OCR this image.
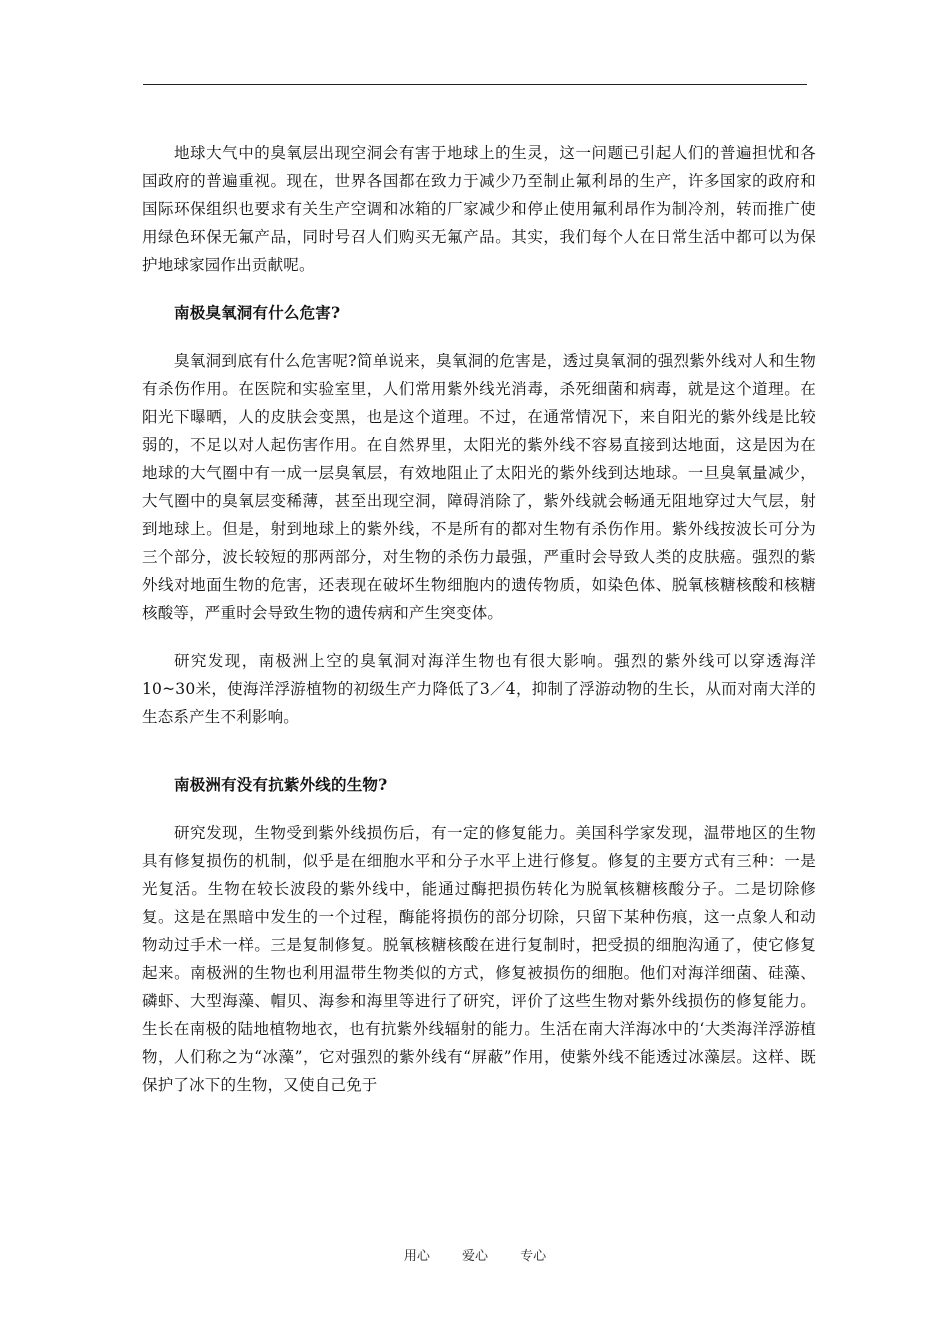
地球大气中的臭氧层出现空洞会有害于地球上的生灵，这一问题已引起人们的普遍担忧和各国政府的普遍重视。现在，世界各国都在致力于减少乃至制止氟利昂的生产，许多国家的政府和国际环保组织也要求有关生产空调和冰箱的厂家减少和停止使用氟利昂作为制冷剂，转而推广使用绿色环保无氟产品，同时号召人们购买无氟产品。其实，我们每个人在日常生活中都可以为保护地球家园作出贡献呢。

南极臭氧洞有什么危害?

臭氧洞到底有什么危害呢?简单说来，臭氧洞的危害是，透过臭氧洞的强烈紫外线对人和生物有杀伤作用。在医院和实验室里，人们常用紫外线光消毒，杀死细菌和病毒，就是这个道理。在阳光下曝晒，人的皮肤会变黑，也是这个道理。不过，在通常情况下，来自阳光的紫外线是比较弱的，不足以对人起伤害作用。在自然界里，太阳光的紫外线不容易直接到达地面，这是因为在地球的大气圈中有一成一层臭氧层，有效地阻止了太阳光的紫外线到达地球。一旦臭氧量减少，大气圈中的臭氧层变稀薄，甚至出现空洞，障碍消除了，紫外线就会畅通无阻地穿过大气层，射到地球上。但是，射到地球上的紫外线，不是所有的都对生物有杀伤作用。紫外线按波长可分为三个部分，波长较短的那两部分，对生物的杀伤力最强，严重时会导致人类的皮肤癌。强烈的紫外线对地面生物的危害，还表现在破坏生物细胞内的遗传物质，如染色体、脱氧核糖核酸和核糖核酸等，严重时会导致生物的遗传病和产生突变体。

研究发现，南极洲上空的臭氧洞对海洋生物也有很大影响。强烈的紫外线可以穿透海洋10~30米，使海洋浮游植物的初级生产力降低了3／4，抑制了浮游动物的生长，从而对南大洋的生态系产生不利影响。

南极洲有没有抗紫外线的生物?

研究发现，生物受到紫外线损伤后，有一定的修复能力。美国科学家发现，温带地区的生物具有修复损伤的机制，似乎是在细胞水平和分子水平上进行修复。修复的主要方式有三种：一是光复活。生物在较长波段的紫外线中，能通过酶把损伤转化为脱氧核糖核酸分子。二是切除修复。这是在黑暗中发生的一个过程，酶能将损伤的部分切除，只留下某种伤痕，这一点象人和动物动过手术一样。三是复制修复。脱氧核糖核酸在进行复制时，把受损的细胞沟通了，使它修复起来。南极洲的生物也利用温带生物类似的方式，修复被损伤的细胞。他们对海洋细菌、硅藻、磷虾、大型海藻、帽贝、海参和海里等进行了研究，评价了这些生物对紫外线损伤的修复能力。生长在南极的陆地植物地衣，也有抗紫外线辐射的能力。生活在南大洋海冰中的‘大类海洋浮游植物，人们称之为“冰藻”，它对强烈的紫外线有“屏蔽”作用，使紫外线不能透过冰藻层。这样、既保护了冰下的生物，又使自己免于

用心 爱心 专心
